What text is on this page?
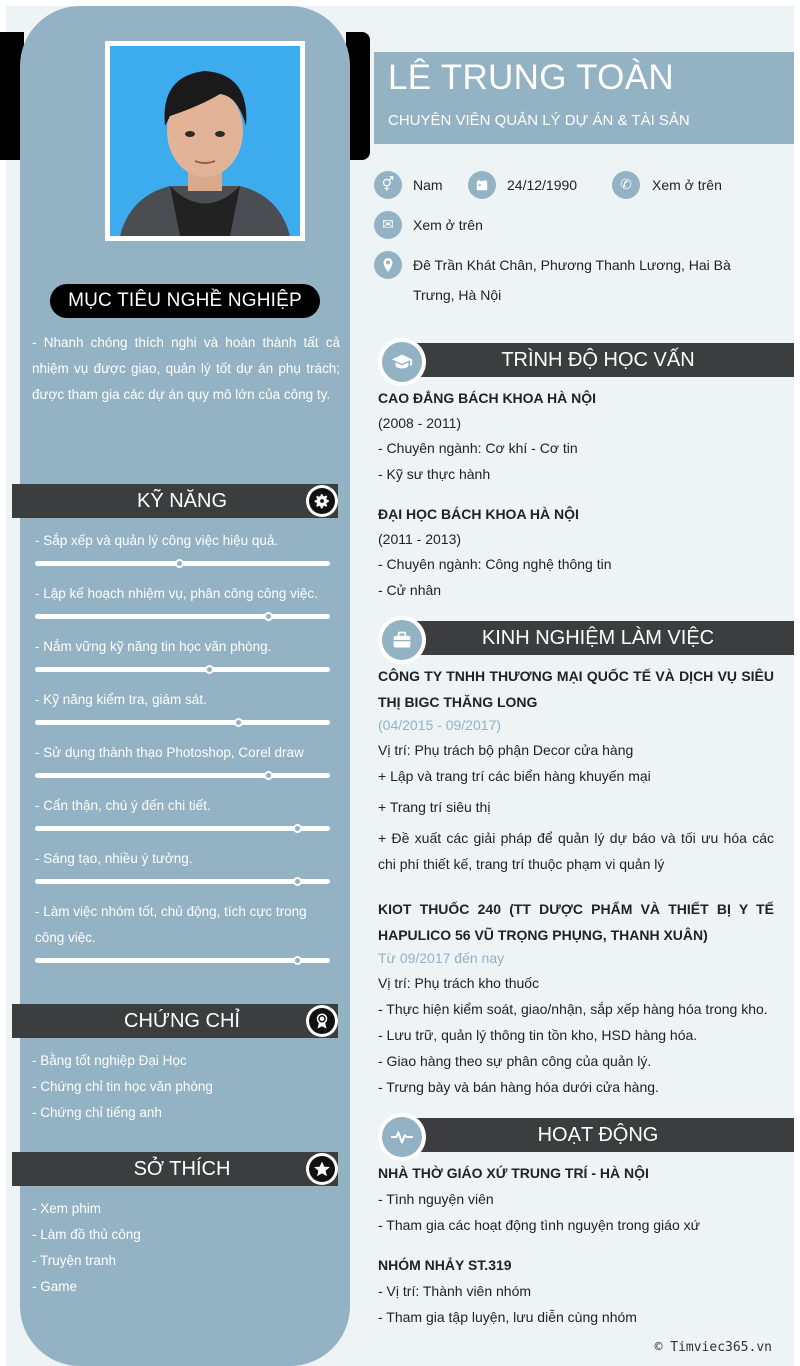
MỤC TIÊU NGHỀ NGHIỆP
- Nhanh chóng thích nghi và hoàn thành tất cả nhiệm vụ được giao, quản lý tốt dự án phụ trách; được tham gia các dự án quy mô lớn của công ty.
KỸ NĂNG
- Sắp xếp và quản lý công việc hiệu quả.
- Lập kế hoạch nhiệm vụ, phân công công việc.
- Nắm vững kỹ năng tin học văn phòng.
- Kỹ năng kiểm tra, giám sát.
- Sử dụng thành thạo Photoshop, Corel draw
- Cẩn thận, chú ý đến chi tiết.
- Sáng tạo, nhiều ý tưởng.
- Làm việc nhóm tốt, chủ động, tích cực trong công việc.
CHỨNG CHỈ
- Bằng tốt nghiệp Đại Học
- Chứng chỉ tin học văn phòng
- Chứng chỉ tiếng anh
SỞ THÍCH
- Xem phim
- Làm đồ thủ công
- Truyện tranh
- Game
LÊ TRUNG TOÀN
CHUYÊN VIÊN QUẢN LÝ DỰ ÁN & TÀI SẢN
⚥	Nam	24/12/1990	✆	Xem ở trên
✉	Xem ở trên
Đê Trần Khát Chân, Phương Thanh Lương, Hai Bà
Trưng, Hà Nội
TRÌNH ĐỘ HỌC VẤN
CAO ĐẲNG BÁCH KHOA HÀ NỘI
(2008 - 2011)
- Chuyên ngành: Cơ khí - Cơ tin
- Kỹ sư thực hành
ĐẠI HỌC BÁCH KHOA HÀ NỘI
(2011 - 2013)
- Chuyên ngành: Công nghệ thông tin
- Cử nhân
KINH NGHIỆM LÀM VIỆC
CÔNG TY TNHH THƯƠNG MẠI QUỐC TẾ VÀ DỊCH VỤ SIÊU THỊ BIGC THĂNG LONG
(04/2015 - 09/2017)
Vị trí: Phụ trách bộ phận Decor cửa hàng
+ Lập và trang trí các biển hàng khuyến mại
+ Trang trí siêu thị
+ Đề xuất các giải pháp để quản lý dự báo và tối ưu hóa các chi phí thiết kế, trang trí thuộc phạm vi quản lý
KIOT THUỐC 240 (TT DƯỢC PHẨM VÀ THIẾT BỊ Y TẾ HAPULICO 56 VŨ TRỌNG PHỤNG, THANH XUÂN)
Từ 09/2017 đến nay
Vị trí: Phụ trách kho thuốc
- Thực hiện kiểm soát, giao/nhận, sắp xếp hàng hóa trong kho.
- Lưu trữ, quản lý thông tin tồn kho, HSD hàng hóa.
- Giao hàng theo sự phân công của quản lý.
- Trưng bày và bán hàng hóa dưới cửa hàng.
HOẠT ĐỘNG
NHÀ THỜ GIÁO XỨ TRUNG TRÍ - HÀ NỘI
- Tình nguyện viên
- Tham gia các hoạt động tình nguyện trong giáo xứ
NHÓM NHẢY ST.319
- Vị trí: Thành viên nhóm
- Tham gia tập luyện, lưu diễn cùng nhóm
© Timviec365.vn
